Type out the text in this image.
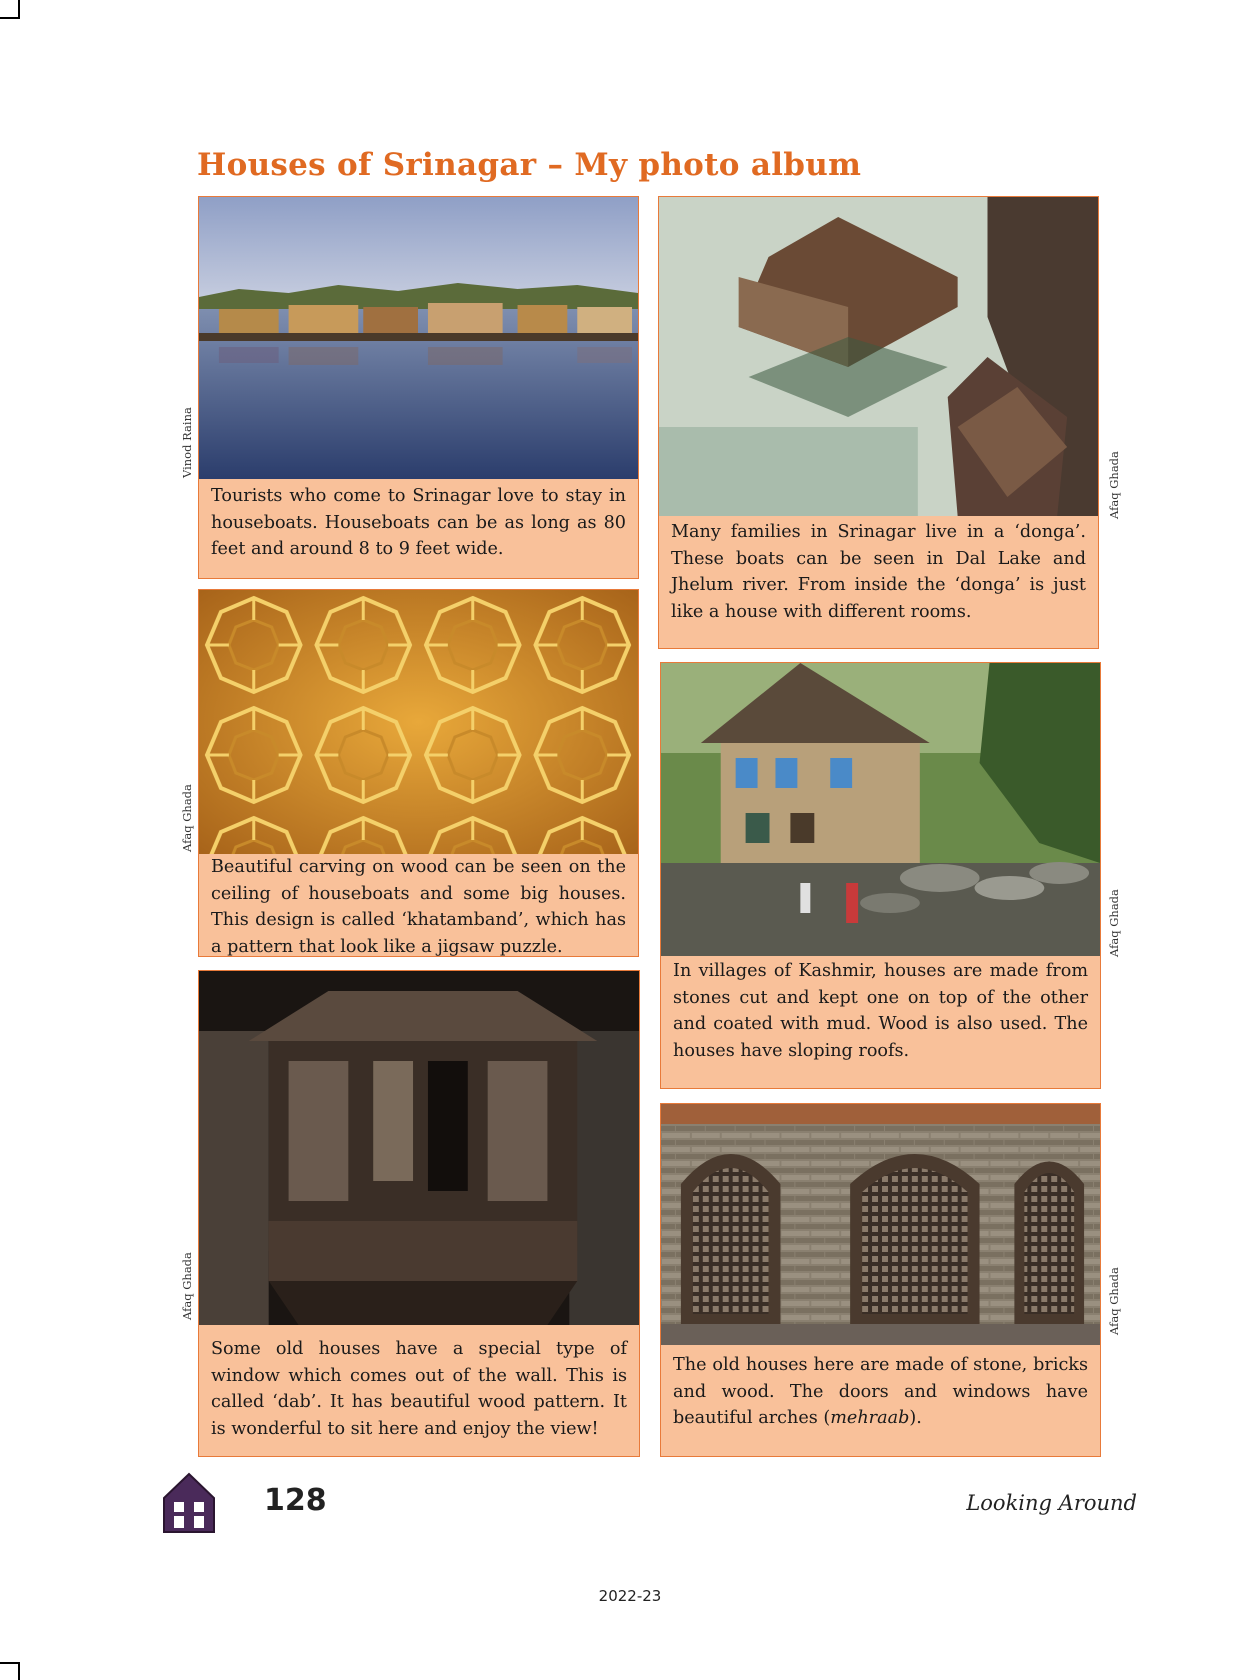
Houses of Srinagar – My photo album

Tourists who come to Srinagar love to stay in houseboats. Houseboats can be as long as 80 feet and around 8 to 9 feet wide.

Many families in Srinagar live in a ‘donga’. These boats can be seen in Dal Lake and Jhelum river. From inside the ‘donga’ is just like a house with different rooms.

Beautiful carving on wood can be seen on the ceiling of houseboats and some big houses. This design is called ‘khatamband’, which has a pattern that look like a jigsaw puzzle.

In villages of Kashmir, houses are made from stones cut and kept one on top of the other and coated with mud. Wood is also used. The houses have sloping roofs.

Some old houses have a special type of window which comes out of the wall. This is called ‘dab’. It has beautiful wood pattern. It is wonderful to sit here and enjoy the view!

The old houses here are made of stone, bricks and wood. The doors and windows have beautiful arches (mehraab).

Vinod Raina
Afaq Ghada
Afaq Ghada
Afaq Ghada
Afaq Ghada	Afaq Ghada
128	Looking Around
2022-23
